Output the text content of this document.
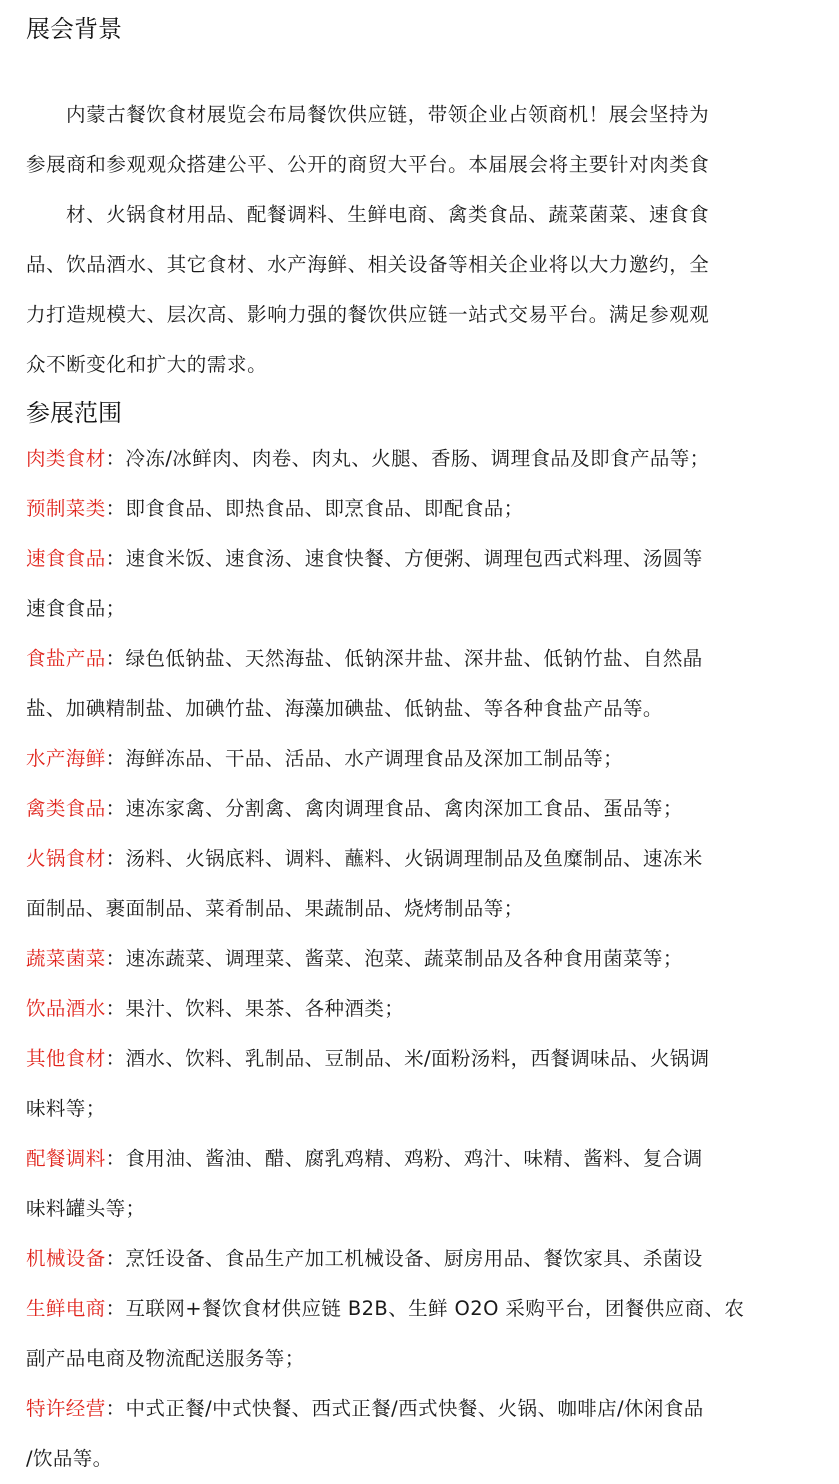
展会背景
内蒙古餐饮食材展览会布局餐饮供应链，带领企业占领商机！展会坚持为
参展商和参观观众搭建公平、公开的商贸大平台。本届展会将主要针对肉类食
材、火锅食材用品、配餐调料、生鲜电商、禽类食品、蔬菜菌菜、速食食
品、饮品酒水、其它食材、水产海鲜、相关设备等相关企业将以大力邀约，全
力打造规模大、层次高、影响力强的餐饮供应链一站式交易平台。满足参观观
众不断变化和扩大的需求。
参展范围
肉类食材：冷冻/冰鲜肉、肉卷、肉丸、火腿、香肠、调理食品及即食产品等；
预制菜类：即食食品、即热食品、即烹食品、即配食品；
速食食品：速食米饭、速食汤、速食快餐、方便粥、调理包西式料理、汤圆等
速食食品；
食盐产品：绿色低钠盐、天然海盐、低钠深井盐、深井盐、低钠竹盐、自然晶
盐、加碘精制盐、加碘竹盐、海藻加碘盐、低钠盐、等各种食盐产品等。
水产海鲜：海鲜冻品、干品、活品、水产调理食品及深加工制品等；
禽类食品：速冻家禽、分割禽、禽肉调理食品、禽肉深加工食品、蛋品等；
火锅食材：汤料、火锅底料、调料、蘸料、火锅调理制品及鱼糜制品、速冻米
面制品、裹面制品、菜肴制品、果蔬制品、烧烤制品等；
蔬菜菌菜：速冻蔬菜、调理菜、酱菜、泡菜、蔬菜制品及各种食用菌菜等；
饮品酒水：果汁、饮料、果茶、各种酒类；
其他食材：酒水、饮料、乳制品、豆制品、米/面粉汤料，西餐调味品、火锅调
味料等；
配餐调料：食用油、酱油、醋、腐乳鸡精、鸡粉、鸡汁、味精、酱料、复合调
味料罐头等；
机械设备：烹饪设备、食品生产加工机械设备、厨房用品、餐饮家具、杀菌设
生鲜电商：互联网+餐饮食材供应链 B2B、生鲜 O2O 采购平台，团餐供应商、农
副产品电商及物流配送服务等；
特许经营：中式正餐/中式快餐、西式正餐/西式快餐、火锅、咖啡店/休闲食品
/饮品等。
